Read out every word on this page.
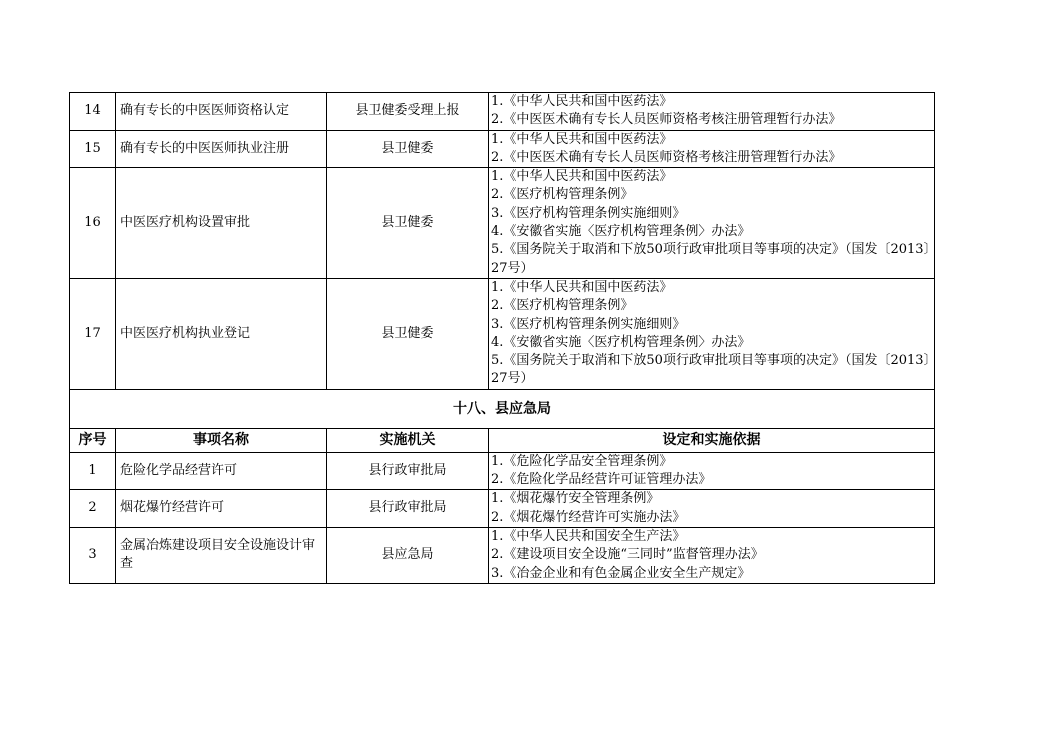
14	确有专长的中医医师资格认定	县卫健委受理上报	1.《中华人民共和国中医药法》
2.《中医医术确有专长人员医师资格考核注册管理暂行办法》

15	确有专长的中医医师执业注册	县卫健委	1.《中华人民共和国中医药法》
2.《中医医术确有专长人员医师资格考核注册管理暂行办法》

16	中医医疗机构设置审批	县卫健委	1.《中华人民共和国中医药法》
2.《医疗机构管理条例》
3.《医疗机构管理条例实施细则》
4.《安徽省实施〈医疗机构管理条例〉办法》
5.《国务院关于取消和下放50项行政审批项目等事项的决定》（国发〔2013〕27号）

17	中医医疗机构执业登记	县卫健委	1.《中华人民共和国中医药法》
2.《医疗机构管理条例》
3.《医疗机构管理条例实施细则》
4.《安徽省实施〈医疗机构管理条例〉办法》
5.《国务院关于取消和下放50项行政审批项目等事项的决定》（国发〔2013〕27号）

十八、县应急局			
序号	事项名称	实施机关	设定和实施依据
1	危险化学品经营许可	县行政审批局	1.《危险化学品安全管理条例》
2.《危险化学品经营许可证管理办法》

2	烟花爆竹经营许可	县行政审批局	1.《烟花爆竹安全管理条例》
2.《烟花爆竹经营许可实施办法》

3	金属冶炼建设项目安全设施设计审查	县应急局	1.《中华人民共和国安全生产法》
2.《建设项目安全设施“三同时”监督管理办法》
3.《冶金企业和有色金属企业安全生产规定》
